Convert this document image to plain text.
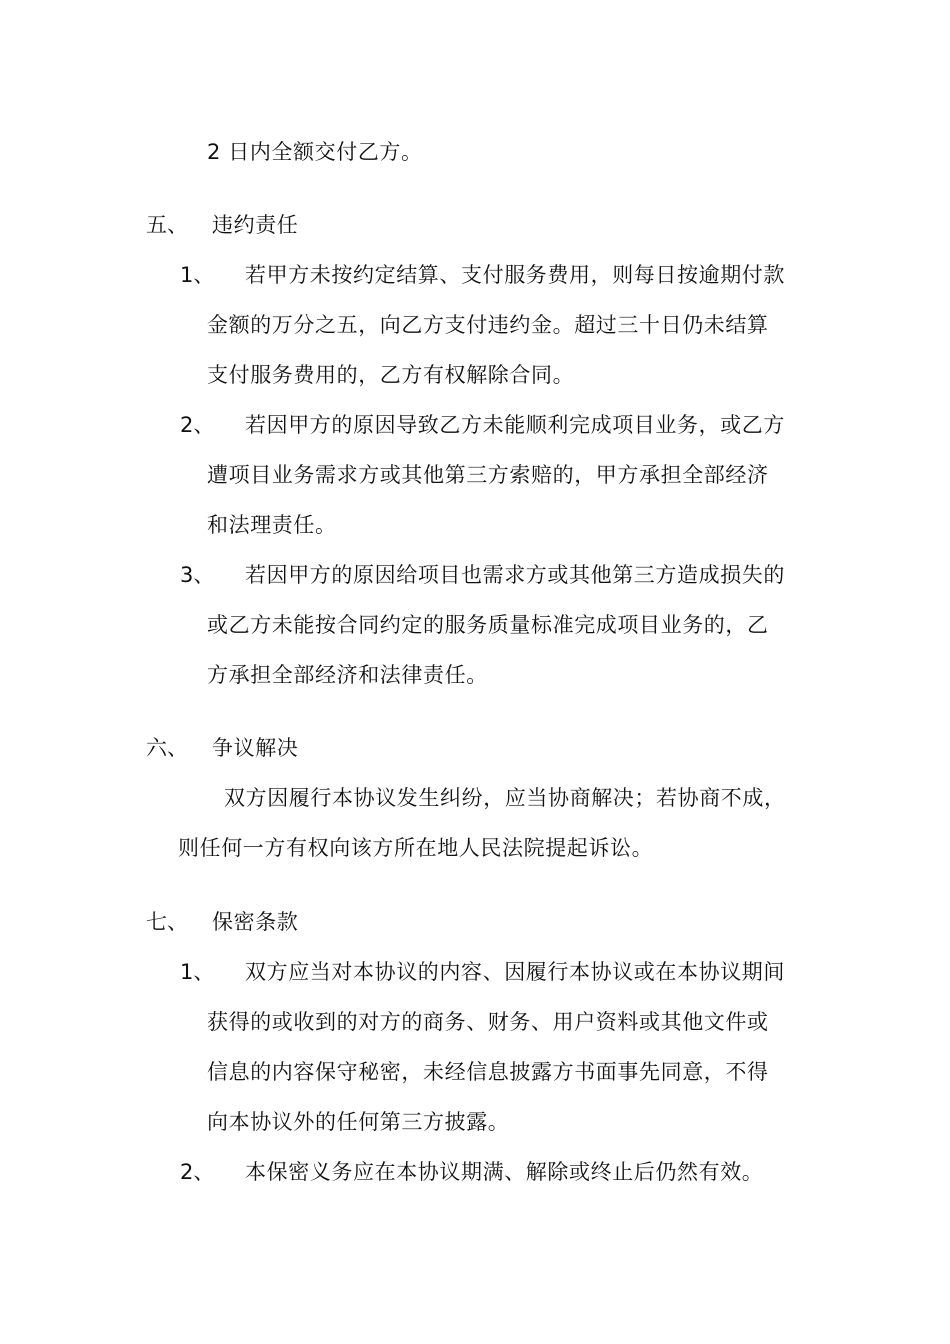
2 日内全额交付乙方。
五、 违约责任
1、 若甲方未按约定结算、支付服务费用，则每日按逾期付款
金额的万分之五，向乙方支付违约金。超过三十日仍未结算
支付服务费用的，乙方有权解除合同。
2、 若因甲方的原因导致乙方未能顺利完成项目业务，或乙方
遭项目业务需求方或其他第三方索赔的，甲方承担全部经济
和法理责任。
3、 若因甲方的原因给项目也需求方或其他第三方造成损失的
或乙方未能按合同约定的服务质量标准完成项目业务的，乙
方承担全部经济和法律责任。
六、 争议解决
双方因履行本协议发生纠纷，应当协商解决；若协商不成，
则任何一方有权向该方所在地人民法院提起诉讼。
七、 保密条款
1、 双方应当对本协议的内容、因履行本协议或在本协议期间
获得的或收到的对方的商务、财务、用户资料或其他文件或
信息的内容保守秘密，未经信息披露方书面事先同意，不得
向本协议外的任何第三方披露。
2、 本保密义务应在本协议期满、解除或终止后仍然有效。
